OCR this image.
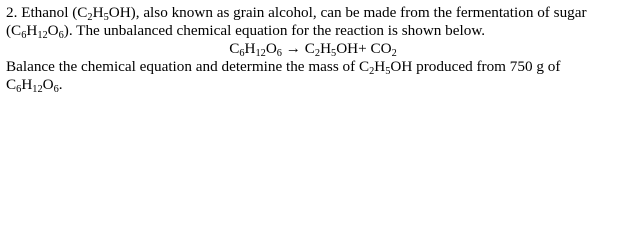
2. Ethanol $(C_2H_5OH)$, also known as grain alcohol, can be made from the fermentation of sugar
$(C_6H_{12}O_6)$. The unbalanced chemical equation for the reaction is shown below.
$C_6H_{12}O_6 \to C_2H_5OH+ CO_2$
Balance the chemical equation and determine the mass of $C_2H_5OH$ produced from 750 g of
$C_6H_{12}O_6$.
